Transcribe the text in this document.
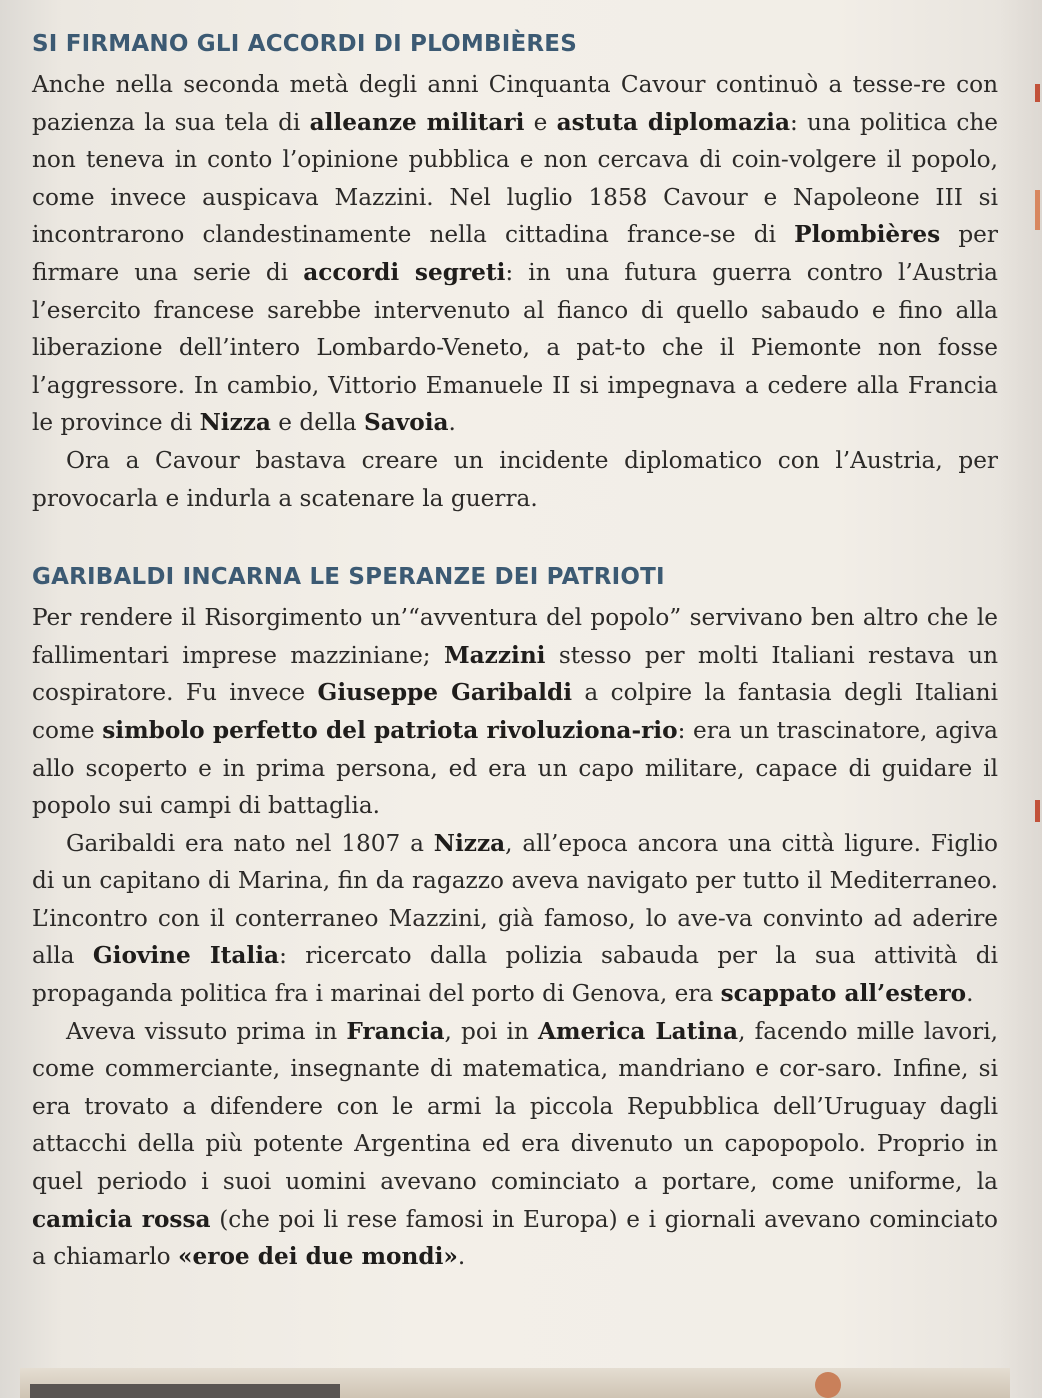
SI FIRMANO GLI ACCORDI DI PLOMBIÈRES

Anche nella seconda metà degli anni Cinquanta Cavour continuò a tesse-re con pazienza la sua tela di alleanze militari e astuta diplomazia: una politica che non teneva in conto l’opinione pubblica e non cercava di coin-volgere il popolo, come invece auspicava Mazzini. Nel luglio 1858 Cavour e Napoleone III si incontrarono clandestinamente nella cittadina france-se di Plombières per firmare una serie di accordi segreti: in una futura guerra contro l’Austria l’esercito francese sarebbe intervenuto al fianco di quello sabaudo e fino alla liberazione dell’intero Lombardo-Veneto, a pat-to che il Piemonte non fosse l’aggressore. In cambio, Vittorio Emanuele II si impegnava a cedere alla Francia le province di Nizza e della Savoia.

Ora a Cavour bastava creare un incidente diplomatico con l’Austria, per provocarla e indurla a scatenare la guerra.

GARIBALDI INCARNA LE SPERANZE DEI PATRIOTI

Per rendere il Risorgimento un’“avventura del popolo” servivano ben altro che le fallimentari imprese mazziniane; Mazzini stesso per molti Italiani restava un cospiratore. Fu invece Giuseppe Garibaldi a colpire la fantasia degli Italiani come simbolo perfetto del patriota rivoluziona-rio: era un trascinatore, agiva allo scoperto e in prima persona, ed era un capo militare, capace di guidare il popolo sui campi di battaglia.

Garibaldi era nato nel 1807 a Nizza, all’epoca ancora una città ligure. Figlio di un capitano di Marina, fin da ragazzo aveva navigato per tutto il Mediterraneo. L’incontro con il conterraneo Mazzini, già famoso, lo ave-va convinto ad aderire alla Giovine Italia: ricercato dalla polizia sabauda per la sua attività di propaganda politica fra i marinai del porto di Genova, era scappato all’estero.

Aveva vissuto prima in Francia, poi in America Latina, facendo mille lavori, come commerciante, insegnante di matematica, mandriano e cor-saro. Infine, si era trovato a difendere con le armi la piccola Repubblica dell’Uruguay dagli attacchi della più potente Argentina ed era divenuto un capopopolo. Proprio in quel periodo i suoi uomini avevano cominciato a portare, come uniforme, la camicia rossa (che poi li rese famosi in Europa) e i giornali avevano cominciato a chiamarlo «eroe dei due mondi».
